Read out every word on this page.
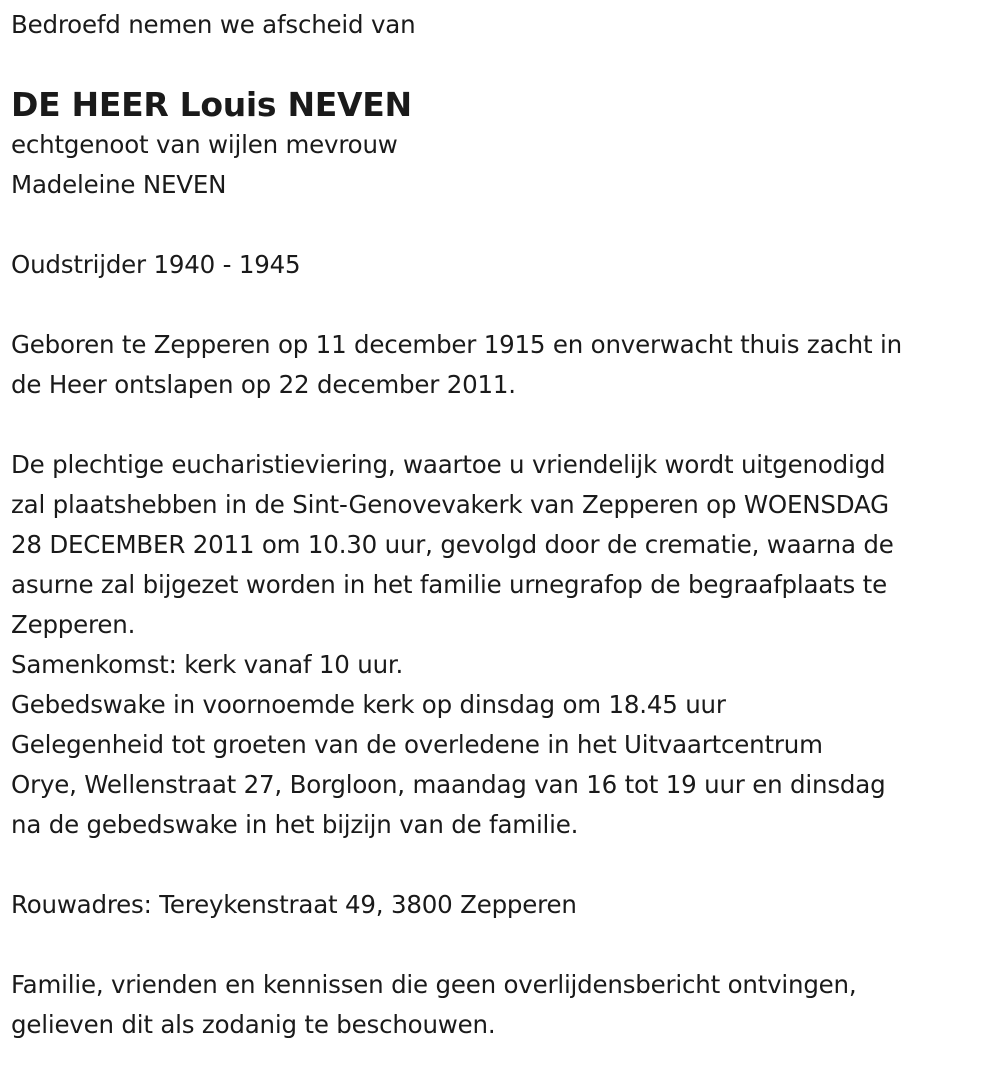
Bedroefd nemen we afscheid van
DE HEER Louis NEVEN
echtgenoot van wijlen mevrouw
Madeleine NEVEN
Oudstrijder 1940 - 1945
Geboren te Zepperen op 11 december 1915 en onverwacht thuis zacht in
de Heer ontslapen op 22 december 2011.
De plechtige eucharistieviering, waartoe u vriendelijk wordt uitgenodigd
zal plaatshebben in de Sint-Genovevakerk van Zepperen op WOENSDAG
28 DECEMBER 2011 om 10.30 uur, gevolgd door de crematie, waarna de
asurne zal bijgezet worden in het familie urnegrafop de begraafplaats te
Zepperen.
Samenkomst: kerk vanaf 10 uur.
Gebedswake in voornoemde kerk op dinsdag om 18.45 uur
Gelegenheid tot groeten van de overledene in het Uitvaartcentrum
Orye, Wellenstraat 27, Borgloon, maandag van 16 tot 19 uur en dinsdag
na de gebedswake in het bijzijn van de familie.
Rouwadres: Tereykenstraat 49, 3800 Zepperen
Familie, vrienden en kennissen die geen overlijdensbericht ontvingen,
gelieven dit als zodanig te beschouwen.
